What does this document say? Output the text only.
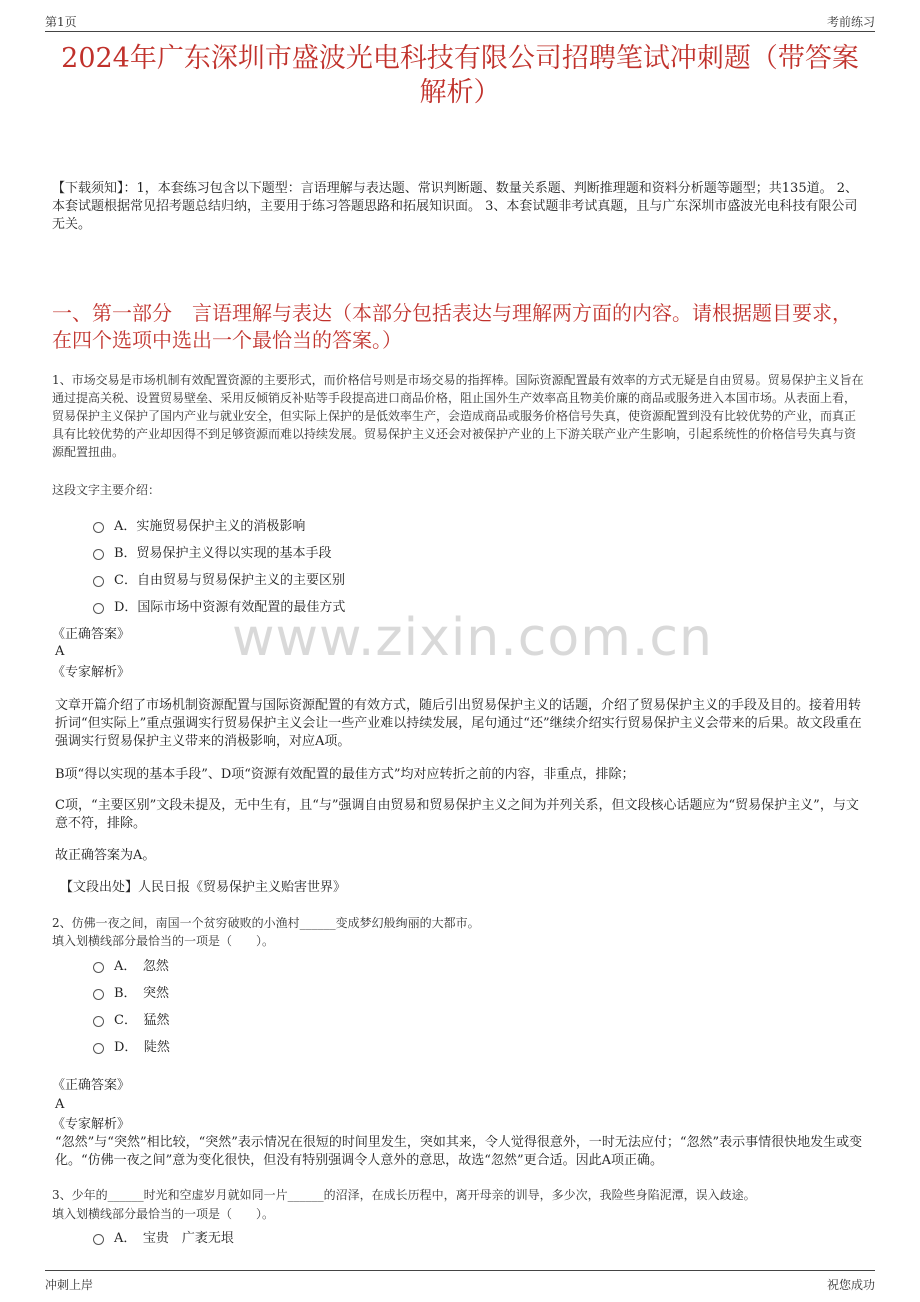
第1页	考前练习
2024年广东深圳市盛波光电科技有限公司招聘笔试冲刺题（带答案解析）
【下载须知】：1，本套练习包含以下题型：言语理解与表达题、常识判断题、数量关系题、判断推理题和资料分析题等题型；共135道。 2、本套试题根据常见招考题总结归纳，主要用于练习答题思路和拓展知识面。 3、本套试题非考试真题，且与广东深圳市盛波光电科技有限公司无关。
一、第一部分　言语理解与表达（本部分包括表达与理解两方面的内容。请根据题目要求，在四个选项中选出一个最恰当的答案。）
www.zixin.com.cn
1、市场交易是市场机制有效配置资源的主要形式，而价格信号则是市场交易的指挥棒。国际资源配置最有效率的方式无疑是自由贸易。贸易保护主义旨在通过提高关税、设置贸易壁垒、采用反倾销反补贴等手段提高进口商品价格，阻止国外生产效率高且物美价廉的商品或服务进入本国市场。从表面上看，贸易保护主义保护了国内产业与就业安全，但实际上保护的是低效率生产，会造成商品或服务价格信号失真，使资源配置到没有比较优势的产业，而真正具有比较优势的产业却因得不到足够资源而难以持续发展。贸易保护主义还会对被保护产业的上下游关联产业产生影响，引起系统性的价格信号失真与资源配置扭曲。
这段文字主要介绍：
A．实施贸易保护主义的消极影响
B．贸易保护主义得以实现的基本手段
C．自由贸易与贸易保护主义的主要区别
D．国际市场中资源有效配置的最佳方式
《正确答案》
A
《专家解析》
文章开篇介绍了市场机制资源配置与国际资源配置的有效方式，随后引出贸易保护主义的话题，介绍了贸易保护主义的手段及目的。接着用转折词“但实际上”重点强调实行贸易保护主义会让一些产业难以持续发展，尾句通过“还”继续介绍实行贸易保护主义会带来的后果。故文段重在强调实行贸易保护主义带来的消极影响，对应A项。
B项“得以实现的基本手段”、D项“资源有效配置的最佳方式”均对应转折之前的内容，非重点，排除；
C项，“主要区别”文段未提及，无中生有，且“与”强调自由贸易和贸易保护主义之间为并列关系，但文段核心话题应为“贸易保护主义”，与文意不符，排除。
故正确答案为A。
【文段出处】人民日报《贸易保护主义贻害世界》
2、仿佛一夜之间，南国一个贫穷破败的小渔村______变成梦幻般绚丽的大都市。
填入划横线部分最恰当的一项是（　　）。
A．　忽然
B．　突然
C．　猛然
D．　陡然
《正确答案》
A
《专家解析》
“忽然”与“突然”相比较，“突然”表示情况在很短的时间里发生，突如其来，令人觉得很意外，一时无法应付；“忽然”表示事情很快地发生或变化。“仿佛一夜之间”意为变化很快，但没有特别强调令人意外的意思，故选“忽然”更合适。因此A项正确。
3、少年的______时光和空虚岁月就如同一片______的沼泽，在成长历程中，离开母亲的训导，多少次，我险些身陷泥潭，误入歧途。
填入划横线部分最恰当的一项是（　　）。
A．　宝贵　广袤无垠
冲刺上岸	祝您成功
